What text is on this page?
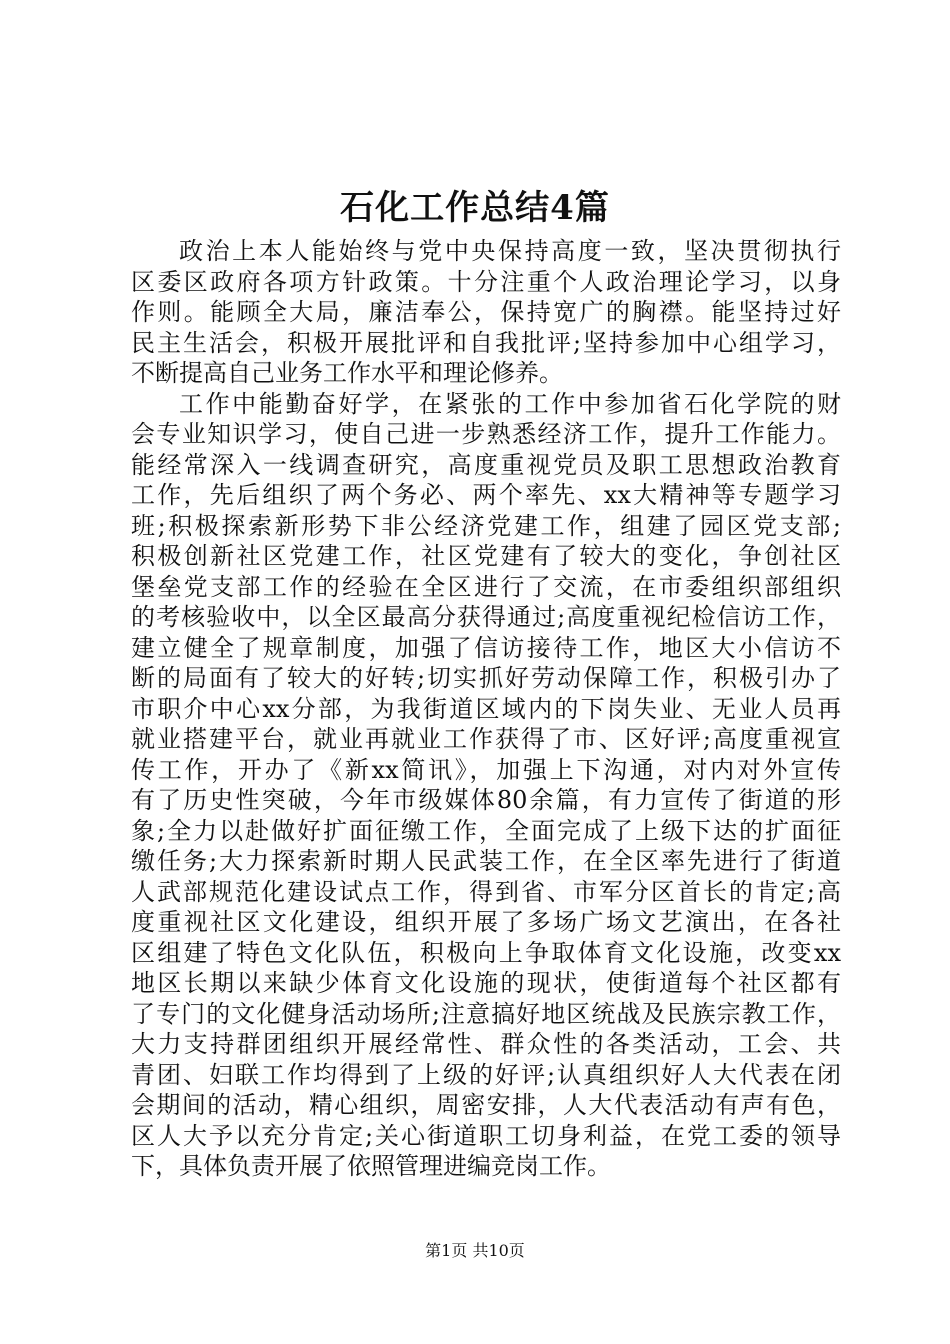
石化工作总结4篇
政治上本人能始终与党中央保持高度一致，坚决贯彻执行
区委区政府各项方针政策。十分注重个人政治理论学习，以身
作则。能顾全大局，廉洁奉公，保持宽广的胸襟。能坚持过好
民主生活会，积极开展批评和自我批评;坚持参加中心组学习，
不断提高自己业务工作水平和理论修养。
工作中能勤奋好学，在紧张的工作中参加省石化学院的财
会专业知识学习，使自己进一步熟悉经济工作，提升工作能力。
能经常深入一线调查研究，高度重视党员及职工思想政治教育
工作，先后组织了两个务必、两个率先、xx大精神等专题学习
班;积极探索新形势下非公经济党建工作，组建了园区党支部;
积极创新社区党建工作，社区党建有了较大的变化，争创社区
堡垒党支部工作的经验在全区进行了交流，在市委组织部组织
的考核验收中，以全区最高分获得通过;高度重视纪检信访工作，
建立健全了规章制度，加强了信访接待工作，地区大小信访不
断的局面有了较大的好转;切实抓好劳动保障工作，积极引办了
市职介中心xx分部，为我街道区域内的下岗失业、无业人员再
就业搭建平台，就业再就业工作获得了市、区好评;高度重视宣
传工作，开办了《新xx简讯》，加强上下沟通，对内对外宣传
有了历史性突破，今年市级媒体80余篇，有力宣传了街道的形
象;全力以赴做好扩面征缴工作，全面完成了上级下达的扩面征
缴任务;大力探索新时期人民武装工作，在全区率先进行了街道
人武部规范化建设试点工作，得到省、市军分区首长的肯定;高
度重视社区文化建设，组织开展了多场广场文艺演出，在各社
区组建了特色文化队伍，积极向上争取体育文化设施，改变xx
地区长期以来缺少体育文化设施的现状，使街道每个社区都有
了专门的文化健身活动场所;注意搞好地区统战及民族宗教工作，
大力支持群团组织开展经常性、群众性的各类活动，工会、共
青团、妇联工作均得到了上级的好评;认真组织好人大代表在闭
会期间的活动，精心组织，周密安排，人大代表活动有声有色，
区人大予以充分肯定;关心街道职工切身利益，在党工委的领导
下，具体负责开展了依照管理进编竞岗工作。
第1页 共10页
